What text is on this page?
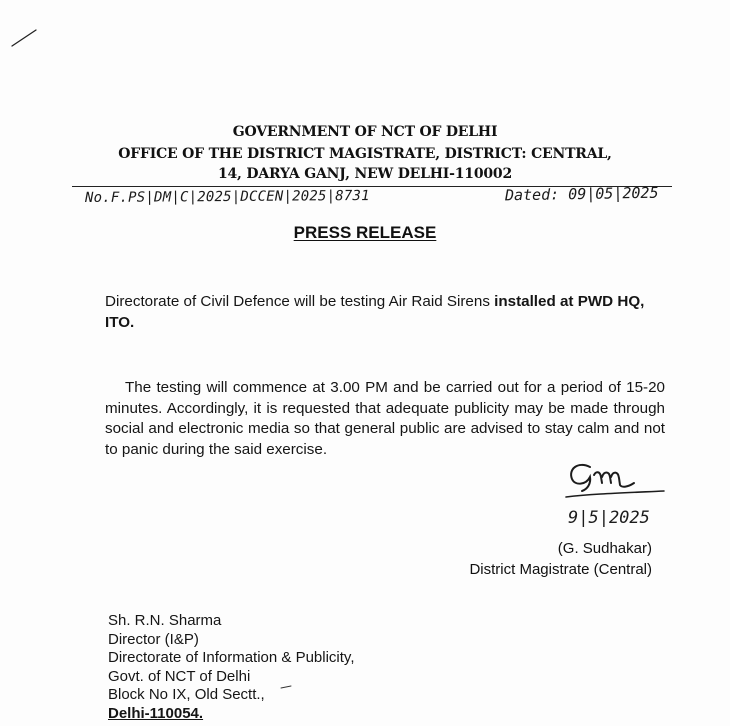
GOVERNMENT OF NCT OF DELHI
OFFICE OF THE DISTRICT MAGISTRATE, DISTRICT: CENTRAL,
14, DARYA GANJ, NEW DELHI-110002
No.F.PS|DM|C|2025|DCCEN|2025|8731	Dated: 09|05|2025
PRESS RELEASE
Directorate of Civil Defence will be testing Air Raid Sirens installed at PWD HQ, ITO.
The testing will commence at 3.00 PM and be carried out for a period of 15-20 minutes. Accordingly, it is requested that adequate publicity may be made through social and electronic media so that general public are advised to stay calm and not to panic during the said exercise.
9|5|2025
(G. Sudhakar)
District Magistrate (Central)
Sh. R.N. Sharma
Director (I&P)
Directorate of Information & Publicity,
Govt. of NCT of Delhi
Block No IX, Old Sectt.,
Delhi-110054.
